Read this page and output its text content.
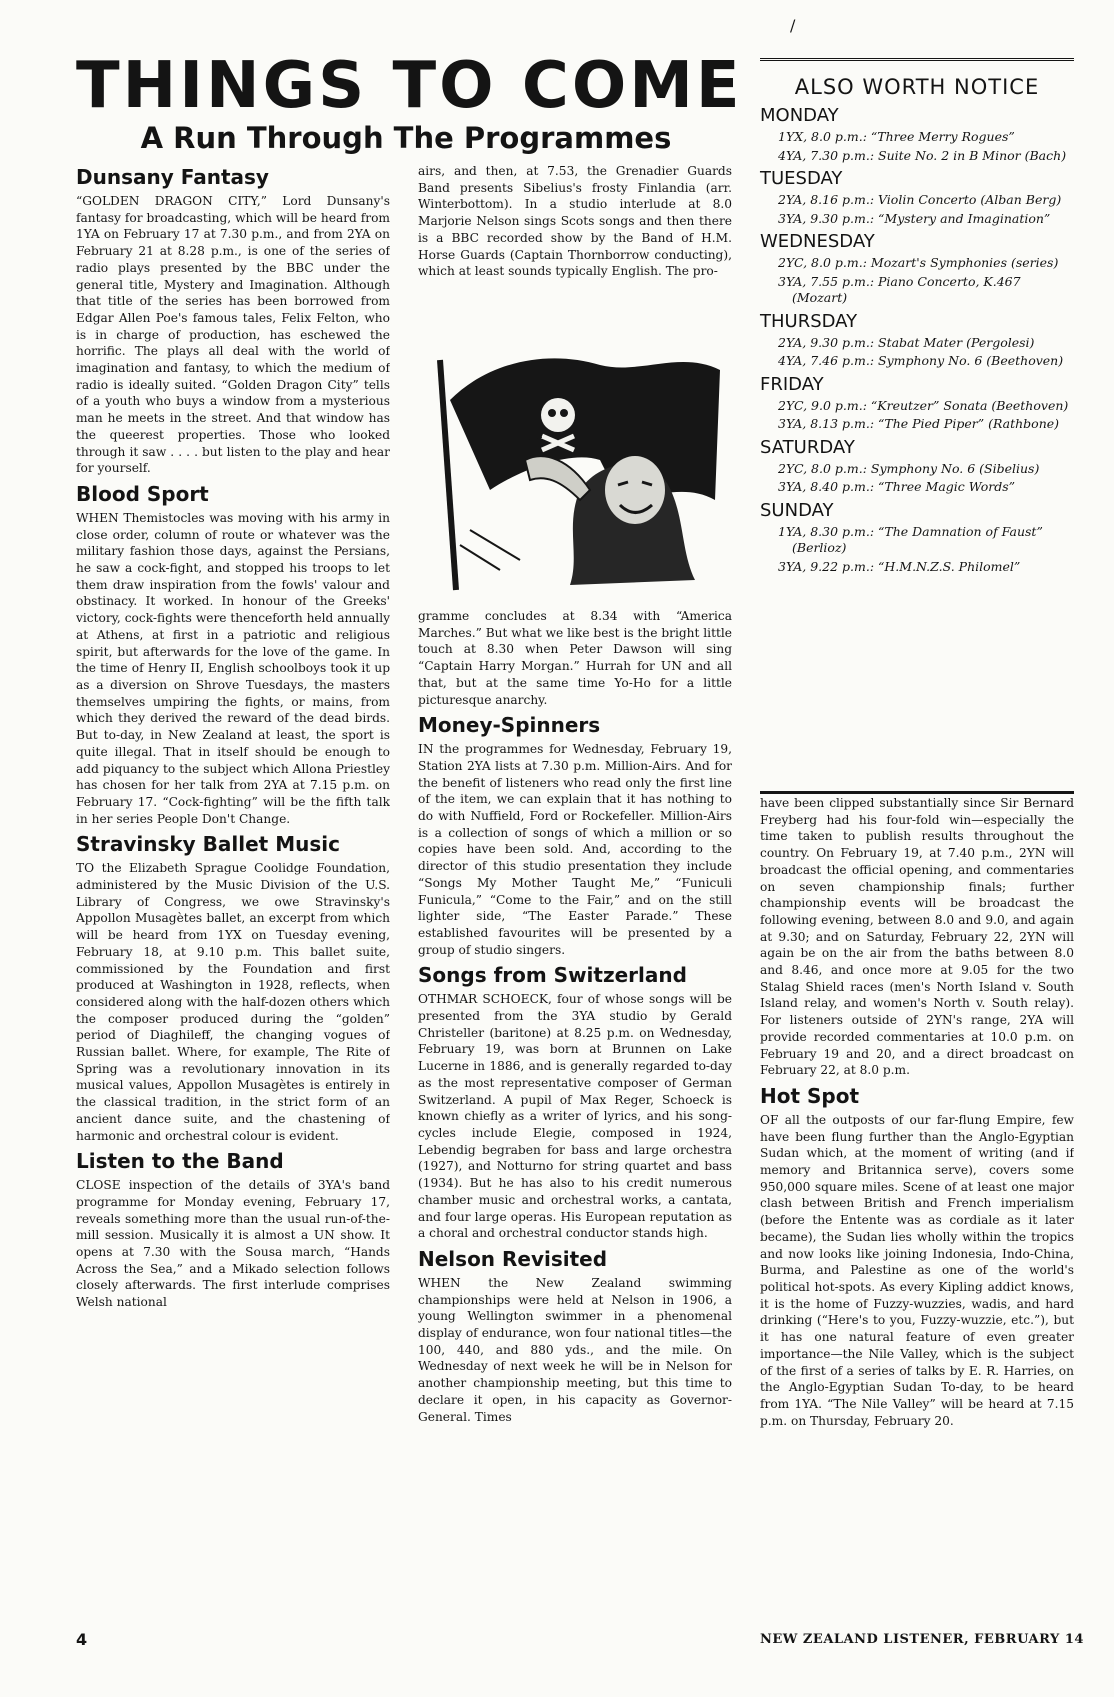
/
THINGS TO COME
A Run Through The Programmes
Dunsany Fantasy

“GOLDEN DRAGON CITY,” Lord Dunsany's fantasy for broadcasting, which will be heard from 1YA on February 17 at 7.30 p.m., and from 2YA on February 21 at 8.28 p.m., is one of the series of radio plays presented by the BBC under the general title, Mystery and Imagination. Although that title of the series has been borrowed from Edgar Allen Poe's famous tales, Felix Felton, who is in charge of production, has eschewed the horrific. The plays all deal with the world of imagination and fantasy, to which the medium of radio is ideally suited. “Golden Dragon City” tells of a youth who buys a window from a mysterious man he meets in the street. And that window has the queerest properties. Those who looked through it saw . . . . but listen to the play and hear for yourself.

Blood Sport

WHEN Themistocles was moving with his army in close order, column of route or whatever was the military fashion those days, against the Persians, he saw a cock-fight, and stopped his troops to let them draw inspiration from the fowls' valour and obstinacy. It worked. In honour of the Greeks' victory, cock-fights were thenceforth held annually at Athens, at first in a patriotic and religious spirit, but afterwards for the love of the game. In the time of Henry II, English schoolboys took it up as a diversion on Shrove Tuesdays, the masters themselves umpiring the fights, or mains, from which they derived the reward of the dead birds. But to-day, in New Zealand at least, the sport is quite illegal. That in itself should be enough to add piquancy to the subject which Allona Priestley has chosen for her talk from 2YA at 7.15 p.m. on February 17. “Cock-fighting” will be the fifth talk in her series People Don't Change.

Stravinsky Ballet Music

TO the Elizabeth Sprague Coolidge Foundation, administered by the Music Division of the U.S. Library of Congress, we owe Stravinsky's Appollon Musagètes ballet, an excerpt from which will be heard from 1YX on Tuesday evening, February 18, at 9.10 p.m. This ballet suite, commissioned by the Foundation and first produced at Washington in 1928, reflects, when considered along with the half-dozen others which the composer produced during the “golden” period of Diaghileff, the changing vogues of Russian ballet. Where, for example, The Rite of Spring was a revolutionary innovation in its musical values, Appollon Musagètes is entirely in the classical tradition, in the strict form of an ancient dance suite, and the chastening of harmonic and orchestral colour is evident.

Listen to the Band

CLOSE inspection of the details of 3YA's band programme for Monday evening, February 17, reveals something more than the usual run-of-the-mill session. Musically it is almost a UN show. It opens at 7.30 with the Sousa march, “Hands Across the Sea,” and a Mikado selection follows closely afterwards. The first interlude comprises Welsh national

airs, and then, at 7.53, the Grenadier Guards Band presents Sibelius's frosty Finlandia (arr. Winterbottom). In a studio interlude at 8.0 Marjorie Nelson sings Scots songs and then there is a BBC recorded show by the Band of H.M. Horse Guards (Captain Thornborrow conducting), which at least sounds typically English. The pro-

gramme concludes at 8.34 with “America Marches.” But what we like best is the bright little touch at 8.30 when Peter Dawson will sing “Captain Harry Morgan.” Hurrah for UN and all that, but at the same time Yo-Ho for a little picturesque anarchy.

Money-Spinners

IN the programmes for Wednesday, February 19, Station 2YA lists at 7.30 p.m. Million-Airs. And for the benefit of listeners who read only the first line of the item, we can explain that it has nothing to do with Nuffield, Ford or Rockefeller. Million-Airs is a collection of songs of which a million or so copies have been sold. And, according to the director of this studio presentation they include “Songs My Mother Taught Me,” “Funiculi Funicula,” “Come to the Fair,” and on the still lighter side, “The Easter Parade.” These established favourites will be presented by a group of studio singers.

Songs from Switzerland

OTHMAR SCHOECK, four of whose songs will be presented from the 3YA studio by Gerald Christeller (baritone) at 8.25 p.m. on Wednesday, February 19, was born at Brunnen on Lake Lucerne in 1886, and is generally regarded to-day as the most representative composer of German Switzerland. A pupil of Max Reger, Schoeck is known chiefly as a writer of lyrics, and his song-cycles include Elegie, composed in 1924, Lebendig begraben for bass and large orchestra (1927), and Notturno for string quartet and bass (1934). But he has also to his credit numerous chamber music and orchestral works, a cantata, and four large operas. His European reputation as a choral and orchestral conductor stands high.

Nelson Revisited

WHEN the New Zealand swimming championships were held at Nelson in 1906, a young Wellington swimmer in a phenomenal display of endurance, won four national titles—the 100, 440, and 880 yds., and the mile. On Wednesday of next week he will be in Nelson for another championship meeting, but this time to declare it open, in his capacity as Governor-General. Times

ALSO WORTH NOTICE
MONDAY
1YX, 8.0 p.m.: “Three Merry Rogues”
4YA, 7.30 p.m.: Suite No. 2 in B Minor (Bach)
TUESDAY
2YA, 8.16 p.m.: Violin Concerto (Alban Berg)
3YA, 9.30 p.m.: “Mystery and Imagination”
WEDNESDAY
2YC, 8.0 p.m.: Mozart's Symphonies (series)
3YA, 7.55 p.m.: Piano Concerto, K.467 (Mozart)
THURSDAY
2YA, 9.30 p.m.: Stabat Mater (Pergolesi)
4YA, 7.46 p.m.: Symphony No. 6 (Beethoven)
FRIDAY
2YC, 9.0 p.m.: “Kreutzer” Sonata (Beethoven)
3YA, 8.13 p.m.: “The Pied Piper” (Rathbone)
SATURDAY
2YC, 8.0 p.m.: Symphony No. 6 (Sibelius)
3YA, 8.40 p.m.: “Three Magic Words”
SUNDAY
1YA, 8.30 p.m.: “The Damnation of Faust” (Berlioz)
3YA, 9.22 p.m.: “H.M.N.Z.S. Philomel”

have been clipped substantially since Sir Bernard Freyberg had his four-fold win—especially the time taken to publish results throughout the country. On February 19, at 7.40 p.m., 2YN will broadcast the official opening, and commentaries on seven championship finals; further championship events will be broadcast the following evening, between 8.0 and 9.0, and again at 9.30; and on Saturday, February 22, 2YN will again be on the air from the baths between 8.0 and 8.46, and once more at 9.05 for the two Stalag Shield races (men's North Island v. South Island relay, and women's North v. South relay). For listeners outside of 2YN's range, 2YA will provide recorded commentaries at 10.0 p.m. on February 19 and 20, and a direct broadcast on February 22, at 8.0 p.m.

Hot Spot

OF all the outposts of our far-flung Empire, few have been flung further than the Anglo-Egyptian Sudan which, at the moment of writing (and if memory and Britannica serve), covers some 950,000 square miles. Scene of at least one major clash between British and French imperialism (before the Entente was as cordiale as it later became), the Sudan lies wholly within the tropics and now looks like joining Indonesia, Indo-China, Burma, and Palestine as one of the world's political hot-spots. As every Kipling addict knows, it is the home of Fuzzy-wuzzies, wadis, and hard drinking (“Here's to you, Fuzzy-wuzzie, etc.”), but it has one natural feature of even greater importance—the Nile Valley, which is the subject of the first of a series of talks by E. R. Harries, on the Anglo-Egyptian Sudan To-day, to be heard from 1YA. “The Nile Valley” will be heard at 7.15 p.m. on Thursday, February 20.

4	NEW ZEALAND LISTENER, FEBRUARY 14
